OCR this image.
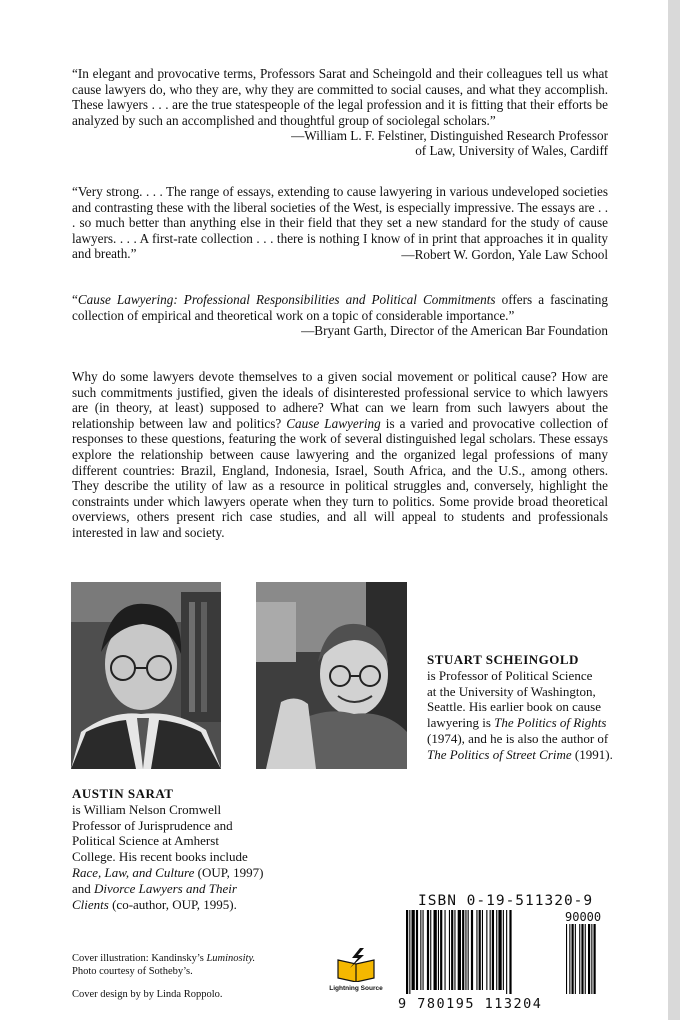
“In elegant and provocative terms, Professors Sarat and Scheingold and their colleagues tell us what cause lawyers do, who they are, why they are committed to social causes, and what they accomplish. These lawyers . . . are the true statespeople of the legal profession and it is fitting that their efforts be analyzed by such an accomplished and thoughtful group of sociolegal scholars.”
—William L. F. Felstiner, Distinguished Research Professor
of Law, University of Wales, Cardiff
“Very strong. . . . The range of essays, extending to cause lawyering in various undeveloped societies and contrasting these with the liberal societies of the West, is especially impressive. The essays are . . . so much better than anything else in their field that they set a new standard for the study of cause lawyers. . . . A first-rate collection . . . there is nothing I know of in print that approaches it in quality and breath.”	—Robert W. Gordon, Yale Law School
“Cause Lawyering: Professional Responsibilities and Political Commitments offers a fascinating collection of empirical and theoretical work on a topic of considerable importance.”
—Bryant Garth, Director of the American Bar Foundation
Why do some lawyers devote themselves to a given social movement or political cause? How are such commitments justified, given the ideals of disinterested professional service to which lawyers are (in theory, at least) supposed to adhere? What can we learn from such lawyers about the relationship between law and politics? Cause Lawyering is a varied and provocative collection of responses to these questions, featuring the work of several distinguished legal scholars. These essays explore the relationship between cause lawyering and the organized legal professions of many different countries: Brazil, England, Indonesia, Israel, South Africa, and the U.S., among others. They describe the utility of law as a resource in political struggles and, conversely, highlight the constraints under which lawyers operate when they turn to politics. Some provide broad theoretical overviews, others present rich case studies, and all will appeal to students and professionals interested in law and society.
STUART SCHEINGOLD
is Professor of Political Science
at the University of Washington,
Seattle. His earlier book on cause
lawyering is The Politics of Rights
(1974), and he is also the author of
The Politics of Street Crime (1991).
AUSTIN SARAT
is William Nelson Cromwell
Professor of Jurisprudence and
Political Science at Amherst
College. His recent books include
Race, Law, and Culture (OUP, 1997)
and Divorce Lawyers and Their
Clients (co-author, OUP, 1995).
Cover illustration: Kandinsky’s Luminosity.
Photo courtesy of Sotheby’s.
Cover design by by Linda Roppolo.
Lightning Source
ISBN 0-19-511320-9
90000
9 780195 113204
